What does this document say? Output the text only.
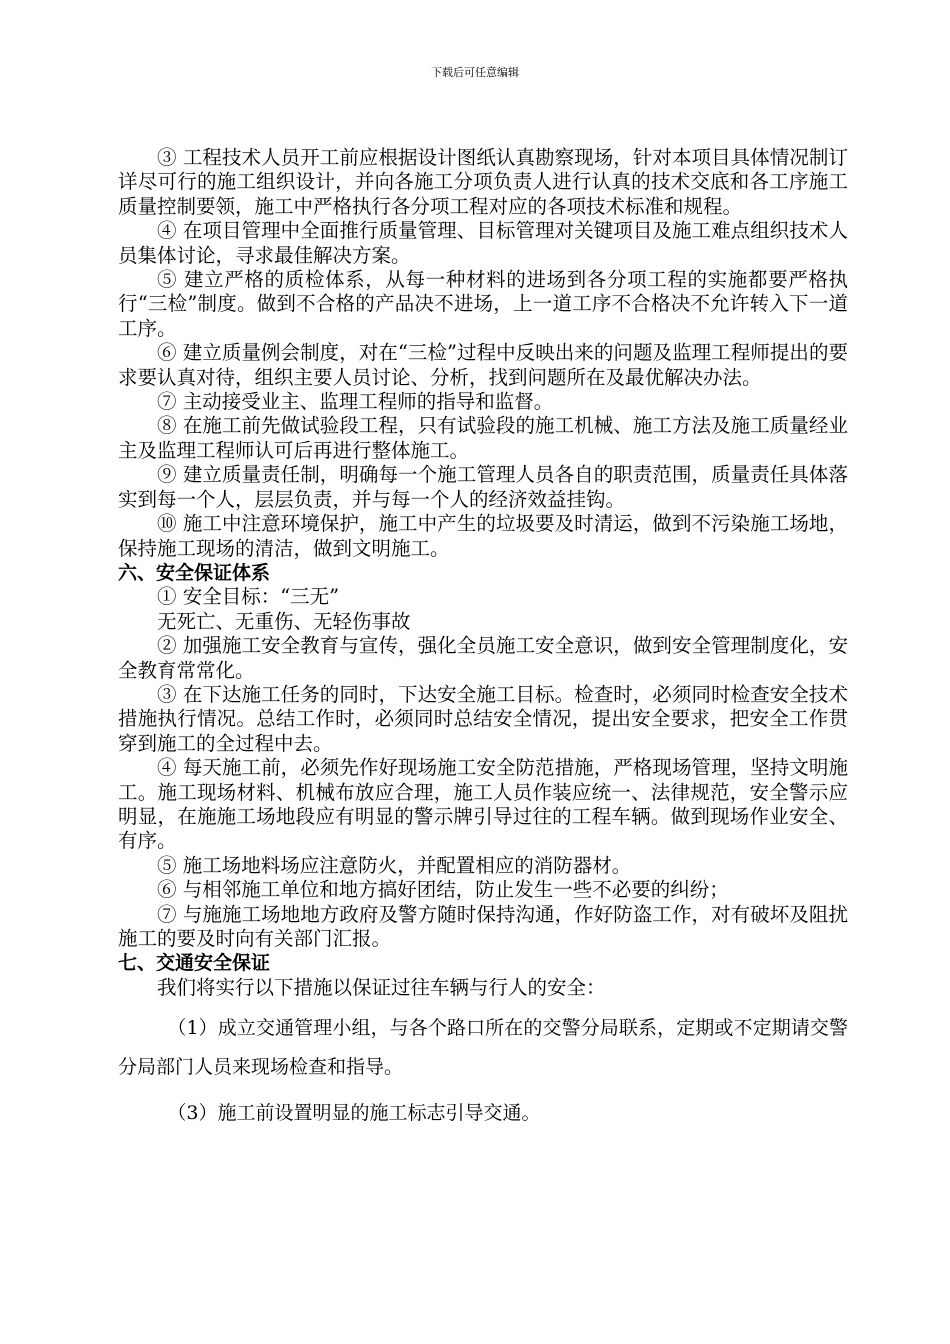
下载后可任意编辑

③ 工程技术人员开工前应根据设计图纸认真勘察现场，针对本项目具体情况制订详尽可行的施工组织设计，并向各施工分项负责人进行认真的技术交底和各工序施工质量控制要领，施工中严格执行各分项工程对应的各项技术标准和规程。

④ 在项目管理中全面推行质量管理、目标管理对关键项目及施工难点组织技术人员集体讨论，寻求最佳解决方案。

⑤ 建立严格的质检体系，从每一种材料的进场到各分项工程的实施都要严格执行“三检”制度。做到不合格的产品决不进场，上一道工序不合格决不允许转入下一道工序。

⑥ 建立质量例会制度，对在“三检”过程中反映出来的问题及监理工程师提出的要求要认真对待，组织主要人员讨论、分析，找到问题所在及最优解决办法。

⑦ 主动接受业主、监理工程师的指导和监督。

⑧ 在施工前先做试验段工程，只有试验段的施工机械、施工方法及施工质量经业主及监理工程师认可后再进行整体施工。

⑨ 建立质量责任制，明确每一个施工管理人员各自的职责范围，质量责任具体落实到每一个人，层层负责，并与每一个人的经济效益挂钩。

⑩ 施工中注意环境保护，施工中产生的垃圾要及时清运，做到不污染施工场地，保持施工现场的清洁，做到文明施工。

六、安全保证体系

① 安全目标：“三无”

无死亡、无重伤、无轻伤事故

② 加强施工安全教育与宣传，强化全员施工安全意识，做到安全管理制度化，安全教育常常化。

③ 在下达施工任务的同时，下达安全施工目标。检查时，必须同时检查安全技术措施执行情况。总结工作时，必须同时总结安全情况，提出安全要求，把安全工作贯穿到施工的全过程中去。

④ 每天施工前，必须先作好现场施工安全防范措施，严格现场管理，坚持文明施工。施工现场材料、机械布放应合理，施工人员作装应统一、法律规范，安全警示应明显，在施施工场地段应有明显的警示牌引导过往的工程车辆。做到现场作业安全、有序。

⑤ 施工场地料场应注意防火，并配置相应的消防器材。

⑥ 与相邻施工单位和地方搞好团结，防止发生一些不必要的纠纷；

⑦ 与施施工场地地方政府及警方随时保持沟通，作好防盗工作，对有破坏及阻扰施工的要及时向有关部门汇报。

七、交通安全保证

我们将实行以下措施以保证过往车辆与行人的安全：

（1）成立交通管理小组，与各个路口所在的交警分局联系，定期或不定期请交警分局部门人员来现场检查和指导。

（3）施工前设置明显的施工标志引导交通。
